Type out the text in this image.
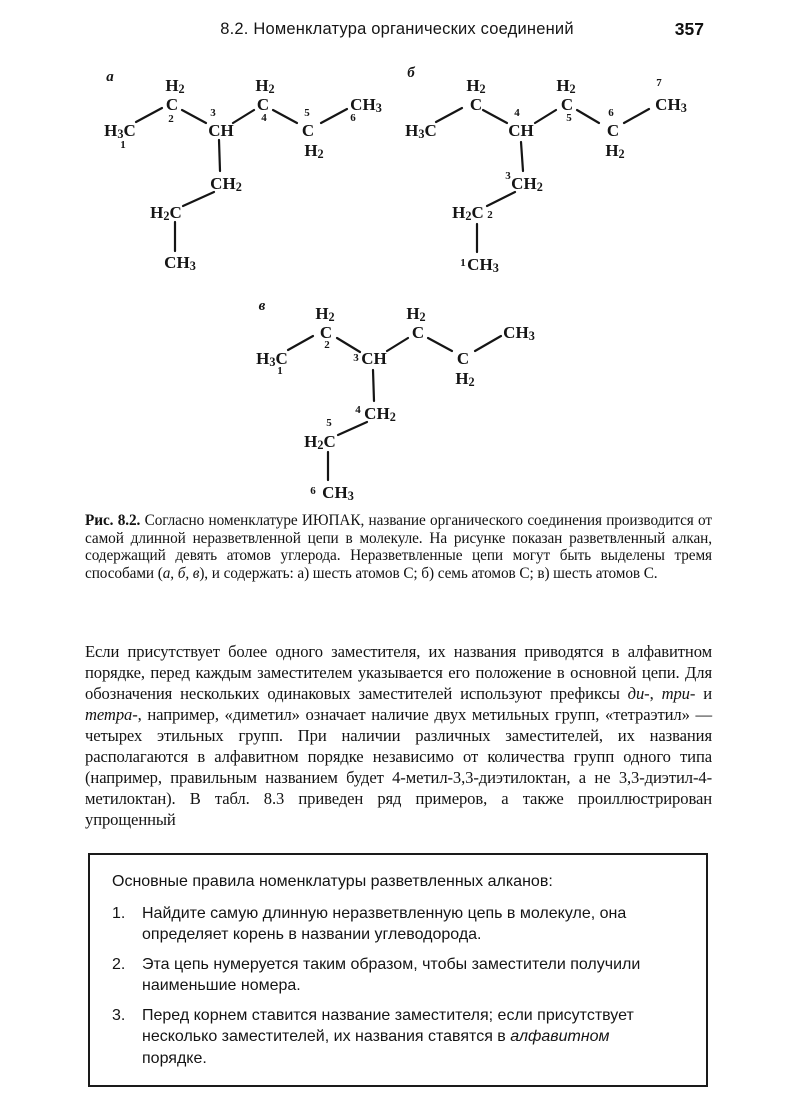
8.2. Номенклатура органических соединений	357
а	$H_2$
C
CH
$H_3C$
$H_2$
C
C
$H_2$
$CH_3$
$CH_2$
$H_2C$
$CH_3$
1
2	3	4	5	6
б
$H_2$
C
CH
$H_3C$
$H_2$
C
C
$H_2$
$CH_3$
$CH_2$
$H_2C$
$CH_3$
4	5	6
7
3
2
1
в	$H_2$
C
CH
$H_3C$
$H_2$
C
C
$H_2$
$CH_3$
$CH_2$
$H_2C$
$CH_3$
1
2
3
4
5
6

Рис. 8.2. Согласно номенклатуре ИЮПАК, название органического соединения производится от самой длинной неразветвленной цепи в молекуле. На рисунке показан разветвленный алкан, содержащий девять атомов углерода. Неразветвленные цепи могут быть выделены тремя способами (а, б, в), и содержать: а) шесть атомов С; б) семь атомов С; в) шесть атомов С.

Если присутствует более одного заместителя, их названия приводятся в алфавитном порядке, перед каждым заместителем указывается его положение в основной цепи. Для обозначения нескольких одинаковых заместителей используют префиксы ди-, три- и тетра-, например, «диметил» означает наличие двух метильных групп, «тетраэтил» — четырех этильных групп. При наличии различных заместителей, их названия располагаются в алфавитном порядке независимо от количества групп одного типа (например, правильным названием будет 4-метил-3,3-диэтилоктан, а не 3,3-диэтил-4-метилоктан). В табл. 8.3 приведен ряд примеров, а также проиллюстрирован упрощенный

Основные правила номенклатуры разветвленных алканов:
1.	Найдите самую длинную неразветвленную цепь в молекуле, она определяет корень в названии углеводорода.
2.	Эта цепь нумеруется таким образом, чтобы заместители получили наименьшие номера.
3.	Перед корнем ставится название заместителя; если присутствует несколько заместителей, их названия ставятся в алфавитном порядке.
